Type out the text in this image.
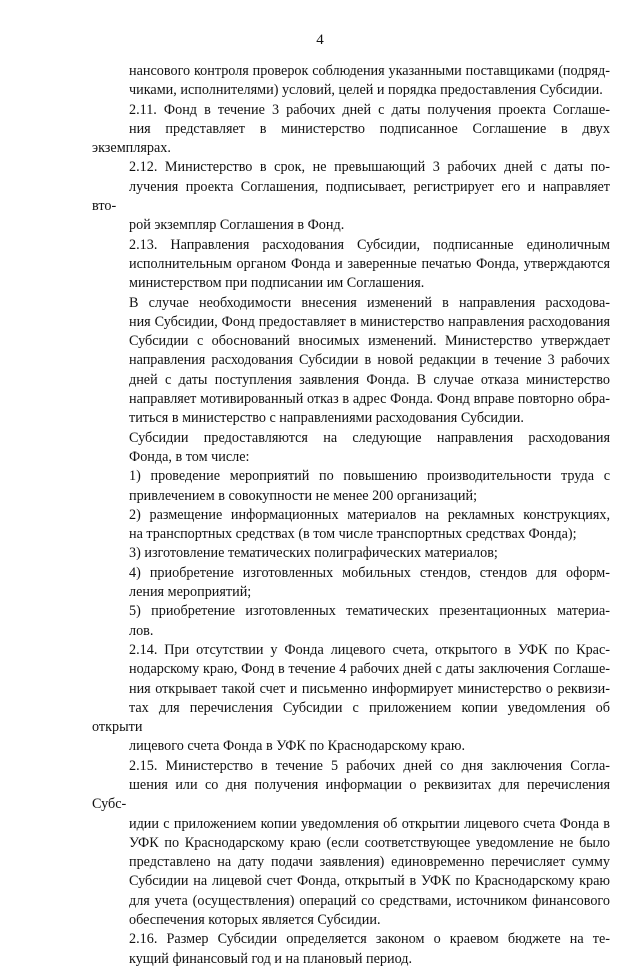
4
нансового контроля проверок соблюдения указанными поставщиками (подряд-
чиками, исполнителями) условий, целей и порядка предоставления Субсидии.
2.11. Фонд в течение 3 рабочих дней с даты получения проекта Соглаше-
ния представляет в министерство подписанное Соглашение в двух экземплярах.
2.12. Министерство в срок, не превышающий 3 рабочих дней с даты по-
лучения проекта Соглашения, подписывает, регистрирует его и направляет вто-
рой экземпляр Соглашения в Фонд.
2.13. Направления расходования Субсидии, подписанные единоличным
исполнительным органом Фонда и заверенные печатью Фонда, утверждаются
министерством при подписании им Соглашения.
В случае необходимости внесения изменений в направления расходова-
ния Субсидии, Фонд предоставляет в министерство направления расходования
Субсидии с обоснований вносимых изменений. Министерство утверждает
направления расходования Субсидии в новой редакции в течение 3 рабочих
дней с даты поступления заявления Фонда. В случае отказа министерство
направляет мотивированный отказ в адрес Фонда. Фонд вправе повторно обра-
титься в министерство с направлениями расходования Субсидии.
Субсидии предоставляются на следующие направления расходования
Фонда, в том числе:
1) проведение мероприятий по повышению производительности труда с
привлечением в совокупности не менее 200 организаций;
2) размещение информационных материалов на рекламных конструкциях,
на транспортных средствах (в том числе транспортных средствах Фонда);
3) изготовление тематических полиграфических материалов;
4) приобретение изготовленных мобильных стендов, стендов для оформ-
ления мероприятий;
5) приобретение изготовленных тематических презентационных материа-
лов.
2.14. При отсутствии у Фонда лицевого счета, открытого в УФК по Крас-
нодарскому краю, Фонд в течение 4 рабочих дней с даты заключения Соглаше-
ния открывает такой счет и письменно информирует министерство о реквизи-
тах для перечисления Субсидии с приложением копии уведомления об открыти
лицевого счета Фонда в УФК по Краснодарскому краю.
2.15. Министерство в течение 5 рабочих дней со дня заключения Согла-
шения или со дня получения информации о реквизитах для перечисления Субс-
идии с приложением копии уведомления об открытии лицевого счета Фонда в
УФК по Краснодарскому краю (если соответствующее уведомление не было
представлено на дату подачи заявления) единовременно перечисляет сумму
Субсидии на лицевой счет Фонда, открытый в УФК по Краснодарскому краю
для учета (осуществления) операций со средствами, источником финансового
обеспечения которых является Субсидии.
2.16. Размер Субсидии определяется законом о краевом бюджете на те-
кущий финансовый год и на плановый период.
